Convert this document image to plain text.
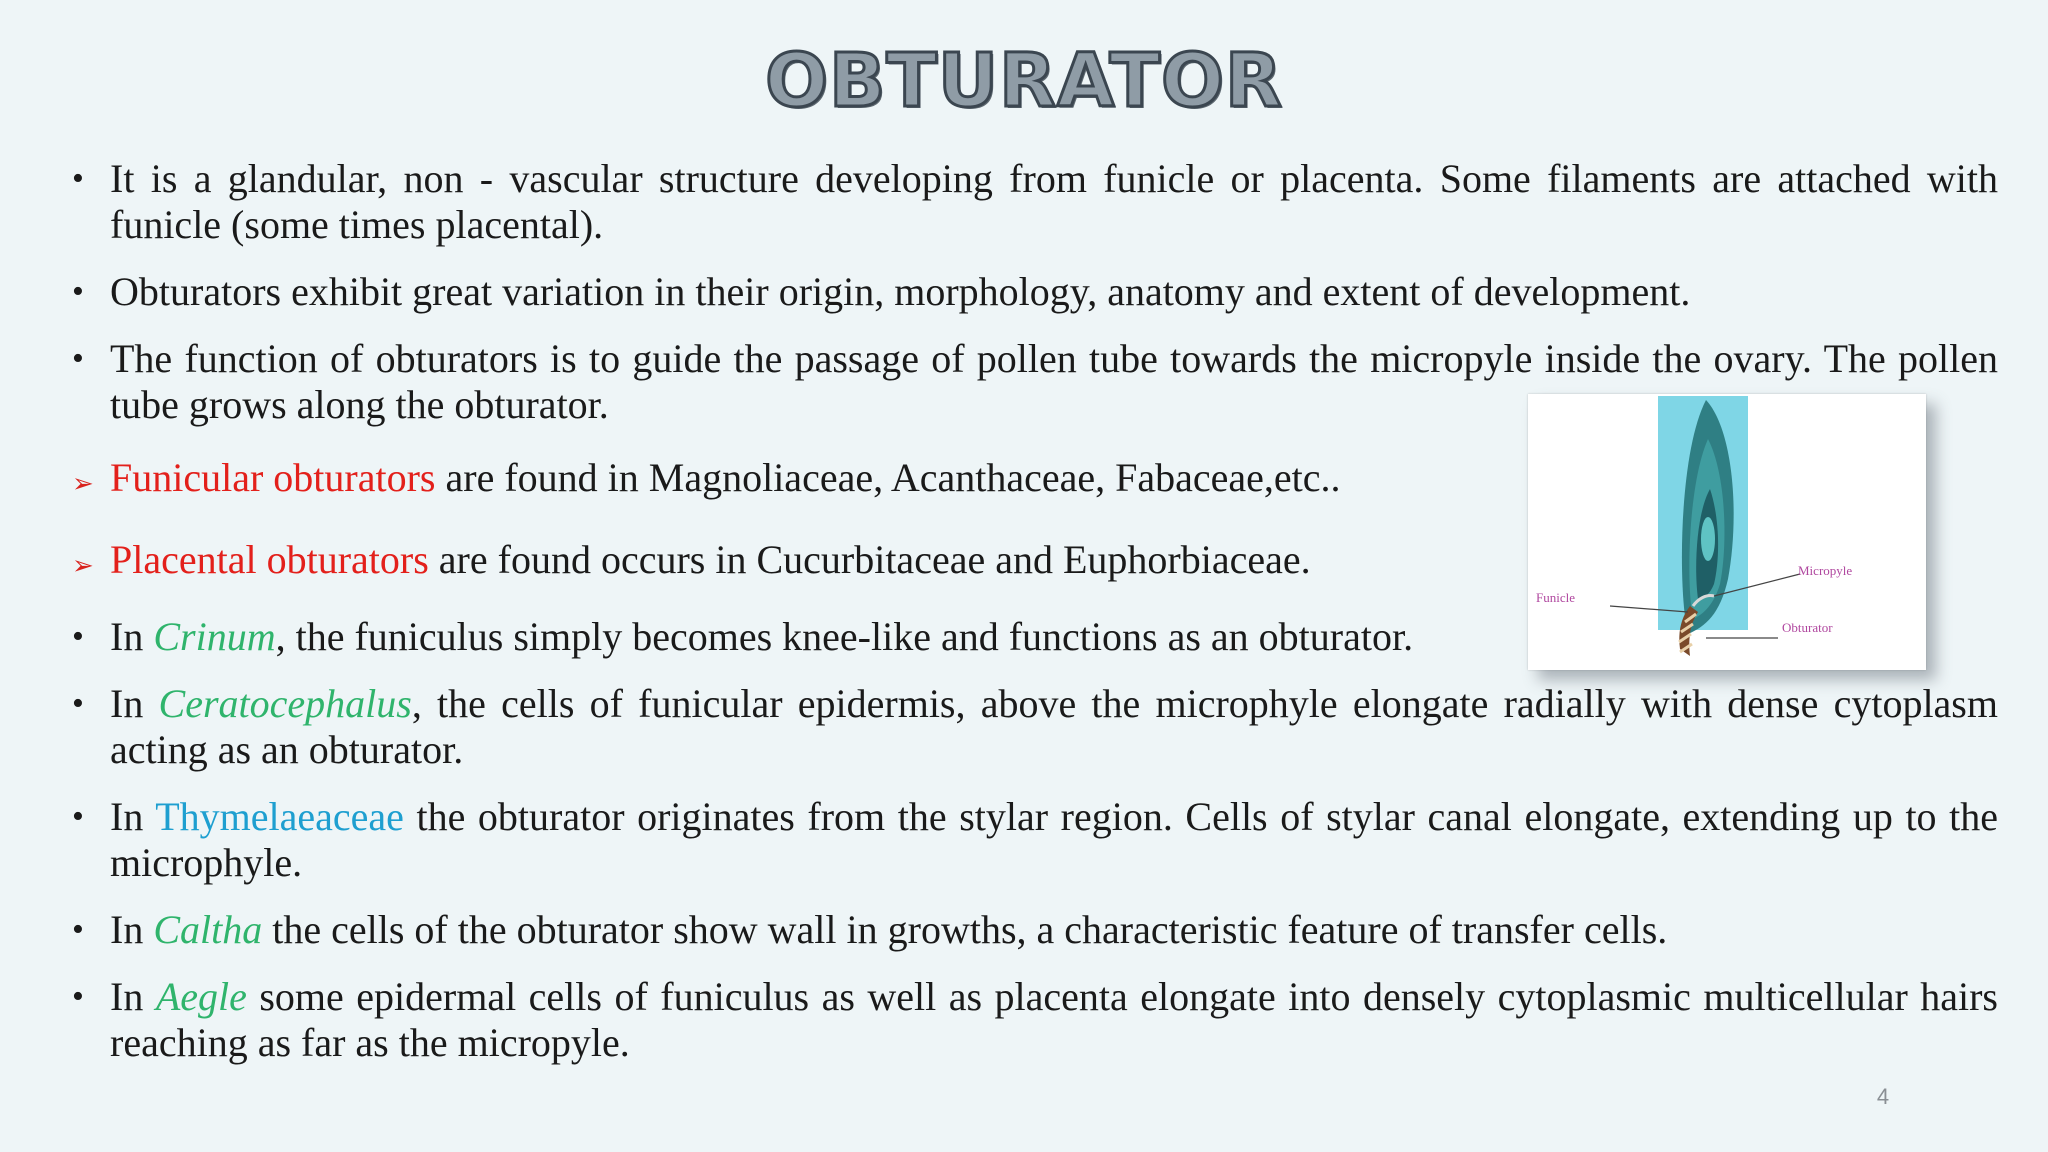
OBTURATOR
• It is a glandular, non - vascular structure developing from funicle or placenta. Some filaments are attached with funicle (some times placental).
• Obturators exhibit great variation in their origin, morphology, anatomy and extent of development.
• The function of obturators is to guide the passage of pollen tube towards the micropyle inside the ovary. The pollen tube grows along the obturator.
➢ Funicular obturators are found in Magnoliaceae, Acanthaceae, Fabaceae,etc..
➢ Placental obturators are found occurs in Cucurbitaceae and Euphorbiaceae.
• In Crinum, the funiculus simply becomes knee-like and functions as an obturator.
• In Ceratocephalus, the cells of funicular epidermis, above the microphyle elongate radially with dense cytoplasm acting as an obturator.
• In Thymelaeaceae the obturator originates from the stylar region. Cells of stylar canal elongate, extending up to the microphyle.
• In Caltha the cells of the obturator show wall in growths, a characteristic feature of transfer cells.
• In Aegle some epidermal cells of funiculus as well as placenta elongate into densely cytoplasmic multicellular hairs reaching as far as the micropyle.
Micropyle
Funicle
Obturator
4
